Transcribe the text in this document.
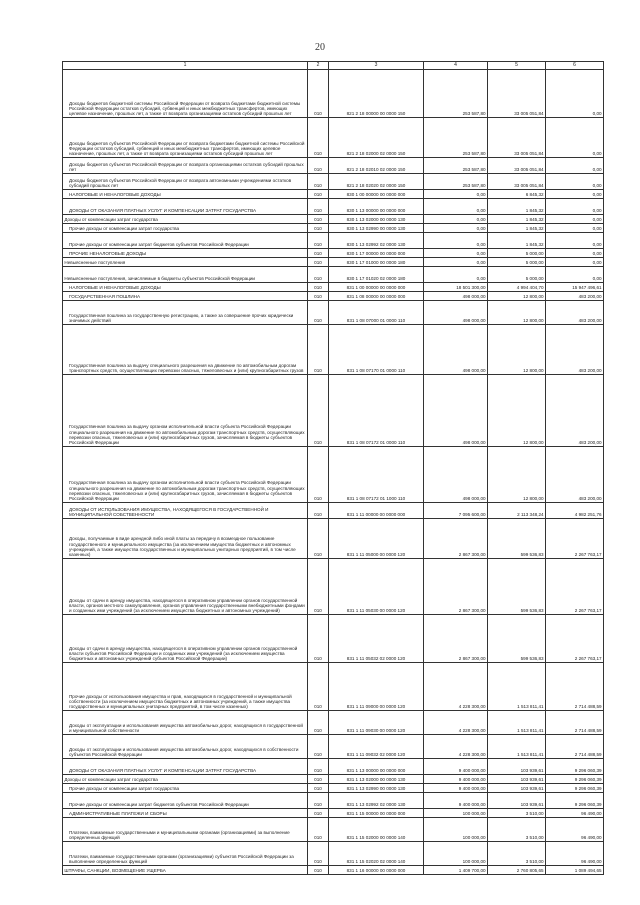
20
1	2	3	4	5	6
Доходы бюджетов бюджетной системы Российской Федерации от возврата бюджетами бюджетной системы Российской Федерации остатков субсидий, субвенций и иных межбюджетных трансфертов, имеющих целевое назначение, прошлых лет, а также от возврата организациями остатков субсидий прошлых лет	010	821 2 18 00000 00 0000 150	253 587,80	33 005 051,84	0,00
Доходы бюджетов субъектов Российской Федерации от возврата бюджетами бюджетной системы Российской Федерации остатков субсидий, субвенций и иных межбюджетных трансфертов, имеющих целевое назначение, прошлых лет, а также от возврата организациями остатков субсидий прошлых лет	010	821 2 18 02000 02 0000 150	253 587,80	33 005 051,84	0,00
Доходы бюджетов субъектов Российской Федерации от возврата организациями остатков субсидий прошлых лет	010	821 2 18 02010 02 0000 150	253 587,80	33 005 051,84	0,00
Доходы бюджетов субъектов Российской Федерации от возврата автономными учреждениями остатков субсидий прошлых лет	010	821 2 18 02020 02 0000 150	253 587,80	33 005 051,84	0,00
НАЛОГОВЫЕ И НЕНАЛОГОВЫЕ ДОХОДЫ	010	830 1 00 00000 00 0000 000	0,00	6 845,32	0,00
ДОХОДЫ ОТ ОКАЗАНИЯ ПЛАТНЫХ УСЛУГ И КОМПЕНСАЦИИ ЗАТРАТ ГОСУДАРСТВА	010	830 1 13 00000 00 0000 000	0,00	1 845,32	0,00
Доходы от компенсации затрат государства	010	830 1 13 02000 00 0000 130	0,00	1 845,32	0,00
Прочие доходы от компенсации затрат государства	010	830 1 13 02990 00 0000 130	0,00	1 845,32	0,00
Прочие доходы от компенсации затрат бюджетов субъектов Российской Федерации	010	830 1 13 02992 02 0000 130	0,00	1 845,32	0,00
ПРОЧИЕ НЕНАЛОГОВЫЕ ДОХОДЫ	010	830 1 17 00000 00 0000 000	0,00	5 000,00	0,00
Невыясненные поступления	010	830 1 17 01000 00 0000 180	0,00	5 000,00	0,00
Невыясненные поступления, зачисляемые в бюджеты субъектов Российской Федерации	010	830 1 17 01020 02 0000 180	0,00	5 000,00	0,00
НАЛОГОВЫЕ И НЕНАЛОГОВЫЕ ДОХОДЫ	010	831 1 00 00000 00 0000 000	18 501 300,00	4 994 404,70	15 947 496,61
ГОСУДАРСТВЕННАЯ ПОШЛИНА	010	831 1 08 00000 00 0000 000	498 000,00	12 800,00	483 200,00
Государственная пошлина за государственную регистрацию, а также за совершение прочих юридически значимых действий	010	831 1 08 07000 01 0000 110	498 000,00	12 800,00	483 200,00
Государственная пошлина за выдачу специального разрешения на движение по автомобильным дорогам транспортных средств, осуществляющих перевозки опасных, тяжеловесных и (или) крупногабаритных грузов	010	831 1 08 07170 01 0000 110	498 000,00	12 800,00	483 200,00
Государственная пошлина за выдачу органом исполнительной власти субъекта Российской Федерации специального разрешения на движение по автомобильным дорогам транспортных средств, осуществляющих перевозки опасных, тяжеловесных и (или) крупногабаритных грузов, зачисляемая в бюджеты субъектов Российской Федерации	010	831 1 08 07172 01 0000 110	498 000,00	12 800,00	483 200,00
Государственная пошлина за выдачу органом исполнительной власти субъекта Российской Федерации специального разрешения на движение по автомобильным дорогам транспортных средств, осуществляющих перевозки опасных, тяжеловесных и (или) крупногабаритных грузов, зачисляемая в бюджеты субъектов Российской Федерации	010	831 1 08 07172 01 1000 110	498 000,00	12 800,00	483 200,00
ДОХОДЫ ОТ ИСПОЛЬЗОВАНИЯ ИМУЩЕСТВА, НАХОДЯЩЕГОСЯ В ГОСУДАРСТВЕННОЙ И МУНИЦИПАЛЬНОЙ СОБСТВЕННОСТИ	010	831 1 11 00000 00 0000 000	7 095 600,00	2 113 348,24	4 982 251,76
Доходы, получаемые в виде арендной либо иной платы за передачу в возмездное пользование государственного и муниципального имущества (за исключением имущества бюджетных и автономных учреждений, а также имущества государственных и муниципальных унитарных предприятий, в том числе казенных)	010	831 1 11 05000 00 0000 120	2 867 300,00	599 536,83	2 267 763,17
Доходы от сдачи в аренду имущества, находящегося в оперативном управлении органов государственной власти, органов местного самоуправления, органов управления государственными внебюджетными фондами и созданных ими учреждений (за исключением имущества бюджетных и автономных учреждений)	010	831 1 11 05030 00 0000 120	2 867 300,00	599 536,83	2 267 763,17
Доходы от сдачи в аренду имущества, находящегося в оперативном управлении органов государственной власти субъектов Российской Федерации и созданных ими учреждений (за исключением имущества бюджетных и автономных учреждений субъектов Российской Федерации)	010	831 1 11 05032 02 0000 120	2 867 300,00	599 536,83	2 267 763,17
Прочие доходы от использования имущества и прав, находящихся в государственной и муниципальной собственности (за исключением имущества бюджетных и автономных учреждений, а также имущества государственных и муниципальных унитарных предприятий, в том числе казенных)	010	831 1 11 09000 00 0000 120	4 228 300,00	1 513 811,41	2 714 488,59
Доходы от эксплуатации и использования имущества автомобильных дорог, находящихся в государственной и муниципальной собственности	010	831 1 11 09030 00 0000 120	4 228 300,00	1 513 811,41	2 714 488,59
Доходы от эксплуатации и использования имущества автомобильных дорог, находящихся в собственности субъектов Российской Федерации	010	831 1 11 09032 02 0000 120	4 228 300,00	1 513 811,41	2 714 488,59
ДОХОДЫ ОТ ОКАЗАНИЯ ПЛАТНЫХ УСЛУГ И КОМПЕНСАЦИИ ЗАТРАТ ГОСУДАРСТВА	010	831 1 13 00000 00 0000 000	9 400 000,00	103 939,61	9 296 060,39
Доходы от компенсации затрат государства	010	831 1 13 02000 00 0000 130	9 400 000,00	103 939,61	9 296 060,39
Прочие доходы от компенсации затрат государства	010	831 1 13 02990 00 0000 130	9 400 000,00	103 939,61	9 296 060,39
Прочие доходы от компенсации затрат бюджетов субъектов Российской Федерации	010	831 1 13 02992 02 0000 130	9 400 000,00	103 939,61	9 296 060,39
АДМИНИСТРАТИВНЫЕ ПЛАТЕЖИ И СБОРЫ	010	831 1 15 00000 00 0000 000	100 000,00	3 510,00	96 490,00
Платежи, взимаемые государственными и муниципальными органами (организациями) за выполнение определенных функций	010	831 1 15 02000 00 0000 140	100 000,00	3 510,00	96 490,00
Платежи, взимаемые государственными органами (организациями) субъектов Российской Федерации за выполнение определенных функций	010	831 1 15 02020 02 0000 140	100 000,00	3 510,00	96 490,00
ШТРАФЫ, САНКЦИИ, ВОЗМЕЩЕНИЕ УЩЕРБА	010	831 1 16 00000 00 0000 000	1 409 700,00	2 760 805,65	1 089 494,65
